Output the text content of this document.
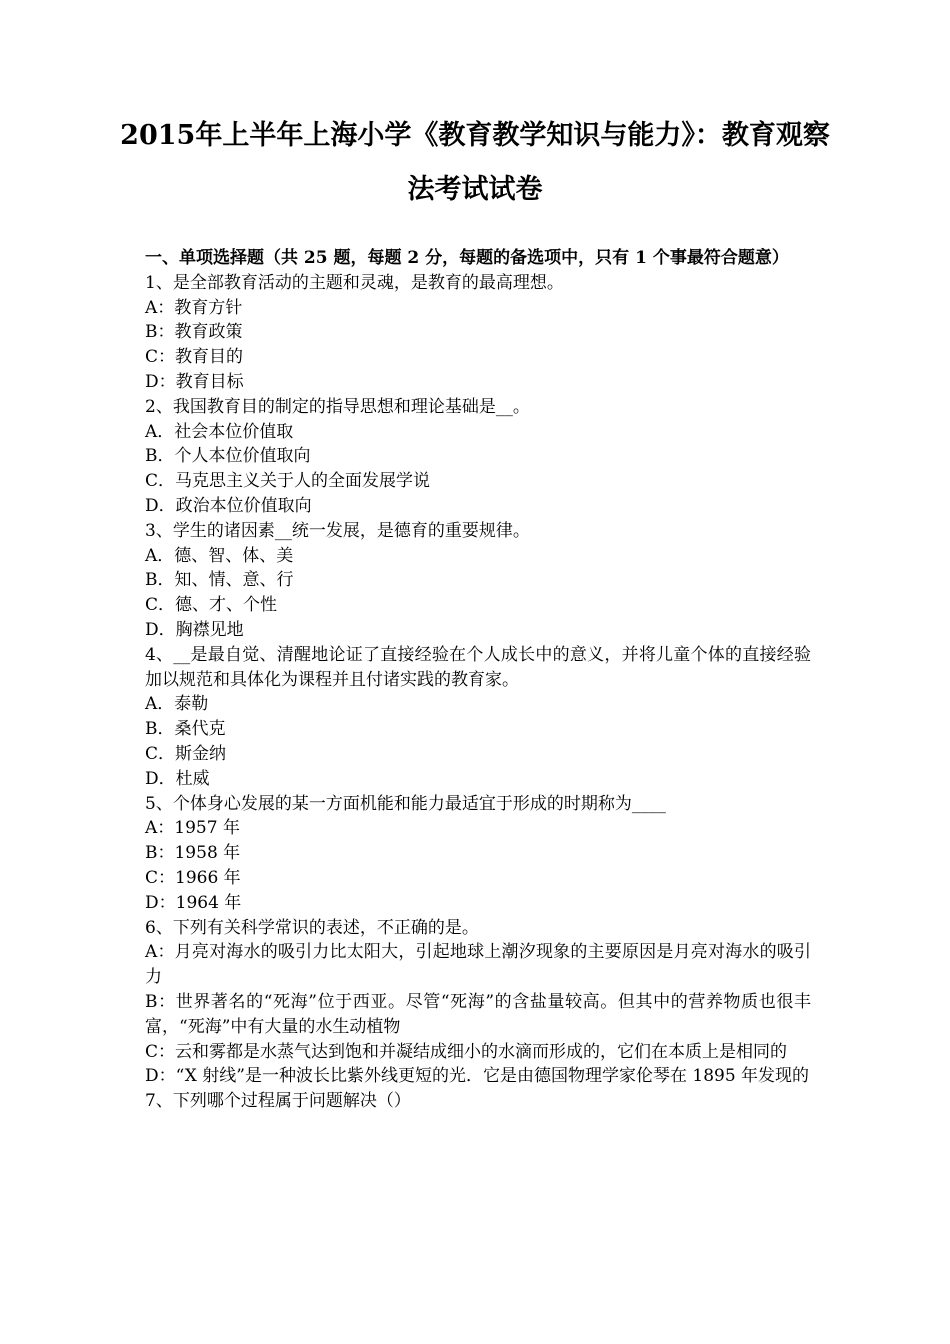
2015年上半年上海小学《教育教学知识与能力》：教育观察
法考试试卷
一、单项选择题（共 25 题，每题 2 分，每题的备选项中，只有 1 个事最符合题意）
1、是全部教育活动的主题和灵魂，是教育的最高理想。
A：教育方针
B：教育政策
C：教育目的
D：教育目标
2、我国教育目的制定的指导思想和理论基础是__。
A．社会本位价值取
B．个人本位价值取向
C．马克思主义关于人的全面发展学说
D．政治本位价值取向
3、学生的诸因素__统一发展，是德育的重要规律。
A．德、智、体、美
B．知、情、意、行
C．德、才、个性
D．胸襟见地
4、__是最自觉、清醒地论证了直接经验在个人成长中的意义，并将儿童个体的直接经验加以规范和具体化为课程并且付诸实践的教育家。
A．泰勒
B．桑代克
C．斯金纳
D．杜威
5、个体身心发展的某一方面机能和能力最适宜于形成的时期称为____
A：1957 年
B：1958 年
C：1966 年
D：1964 年
6、下列有关科学常识的表述，不正确的是。
A：月亮对海水的吸引力比太阳大，引起地球上潮汐现象的主要原因是月亮对海水的吸引力
B：世界著名的“死海”位于西亚。尽管“死海”的含盐量较高。但其中的营养物质也很丰富，“死海”中有大量的水生动植物
C：云和雾都是水蒸气达到饱和并凝结成细小的水滴而形成的，它们在本质上是相同的
D：“X 射线”是一种波长比紫外线更短的光．它是由德国物理学家伦琴在 1895 年发现的
7、下列哪个过程属于问题解决（）
